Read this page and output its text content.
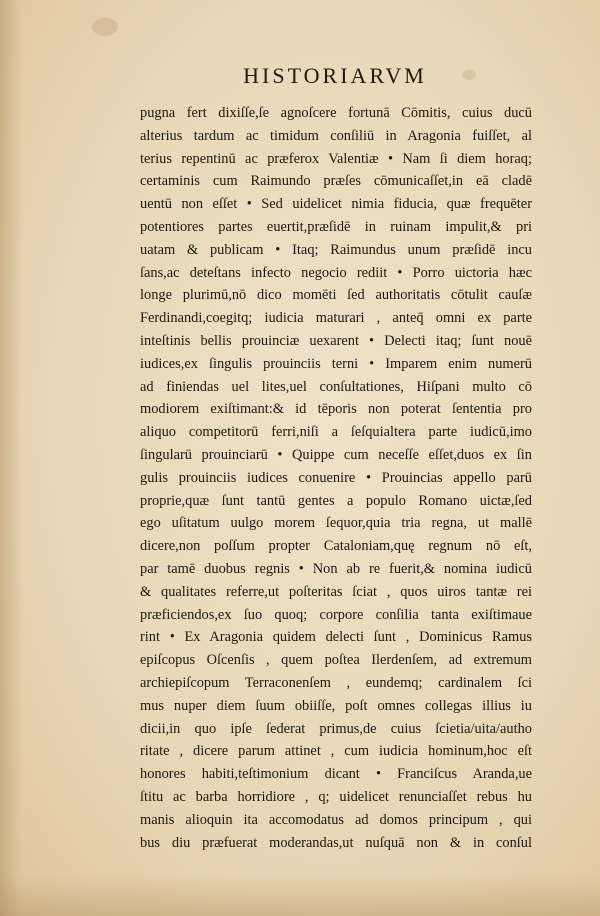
HISTORIARVM
pugna fert dixiſſe,ſe agnoſcere fortunā Cōmitis, cuius ducū
alterius tardum ac timidum conſiliū in Aragonia fuiſſet, al
terius repentinū ac præferox Valentiæ • Nam ſi diem horaq;
certaminis cum Raimundo præſes cōmunicaſſet,in eā cladē
uentū non eſſet • Sed uidelicet nimia fiducia, quæ frequēter
potentiores partes euertit,præſidē in ruinam impulit,& pri
uatam & publicam • Itaq; Raimundus unum præſidē incu
ſans,ac deteſtans infecto negocio rediit • Porro uictoria hæc
longe plurimū,nō dico momēti ſed authoritatis cōtulit cauſæ
Ferdinandi,coegitq; iudicia maturari , anteq̄ omni ex parte
inteſtinis bellis prouinciæ uexarent • Delecti itaq; ſunt nouē
iudices,ex ſingulis prouinciis terni • Imparem enim numerū
ad finiendas uel lites,uel conſultationes, Hiſpani multo cō
modiorem exiſtimant:& id tēporis non poterat ſententia pro
aliquo competitorū ferri,niſi a ſeſquialtera parte iudicū,imo
ſingularū prouinciarū • Quippe cum neceſſe eſſet,duos ex ſin
gulis prouinciis iudices conuenire • Prouincias appello parū
proprie,quæ ſunt tantū gentes a populo Romano uictæ,ſed
ego uſitatum uulgo morem ſequor,quia tria regna, ut mallē
dicere,non poſſum propter Cataloniam,quę regnum nō eſt,
par tamē duobus regnis • Non ab re fuerit,& nomina iudicū
& qualitates referre,ut poſteritas ſciat , quos uiros tantæ rei
præficiendos,ex ſuo quoq; corpore conſilia tanta exiſtimaue
rint • Ex Aragonia quidem delecti ſunt , Dominicus Ramus
epiſcopus Oſcenſis , quem poſtea Ilerdenſem, ad extremum
archiepiſcopum Terraconenſem , eundemq; cardinalem ſci
mus nuper diem ſuum obiiſſe, poſt omnes collegas illius iu
dicii,in quo ipſe ſederat primus,de cuius ſcietia/uita/autho
ritate , dicere parum attinet , cum iudicia hominum,hoc eſt
honores habiti,teſtimonium dicant • Franciſcus Aranda,ue
ſtitu ac barba horridiore , q; uidelicet renunciaſſet rebus hu
manis alioquin ita accomodatus ad domos principum , qui
bus diu præfuerat moderandas,ut nuſquā non & in conſul
